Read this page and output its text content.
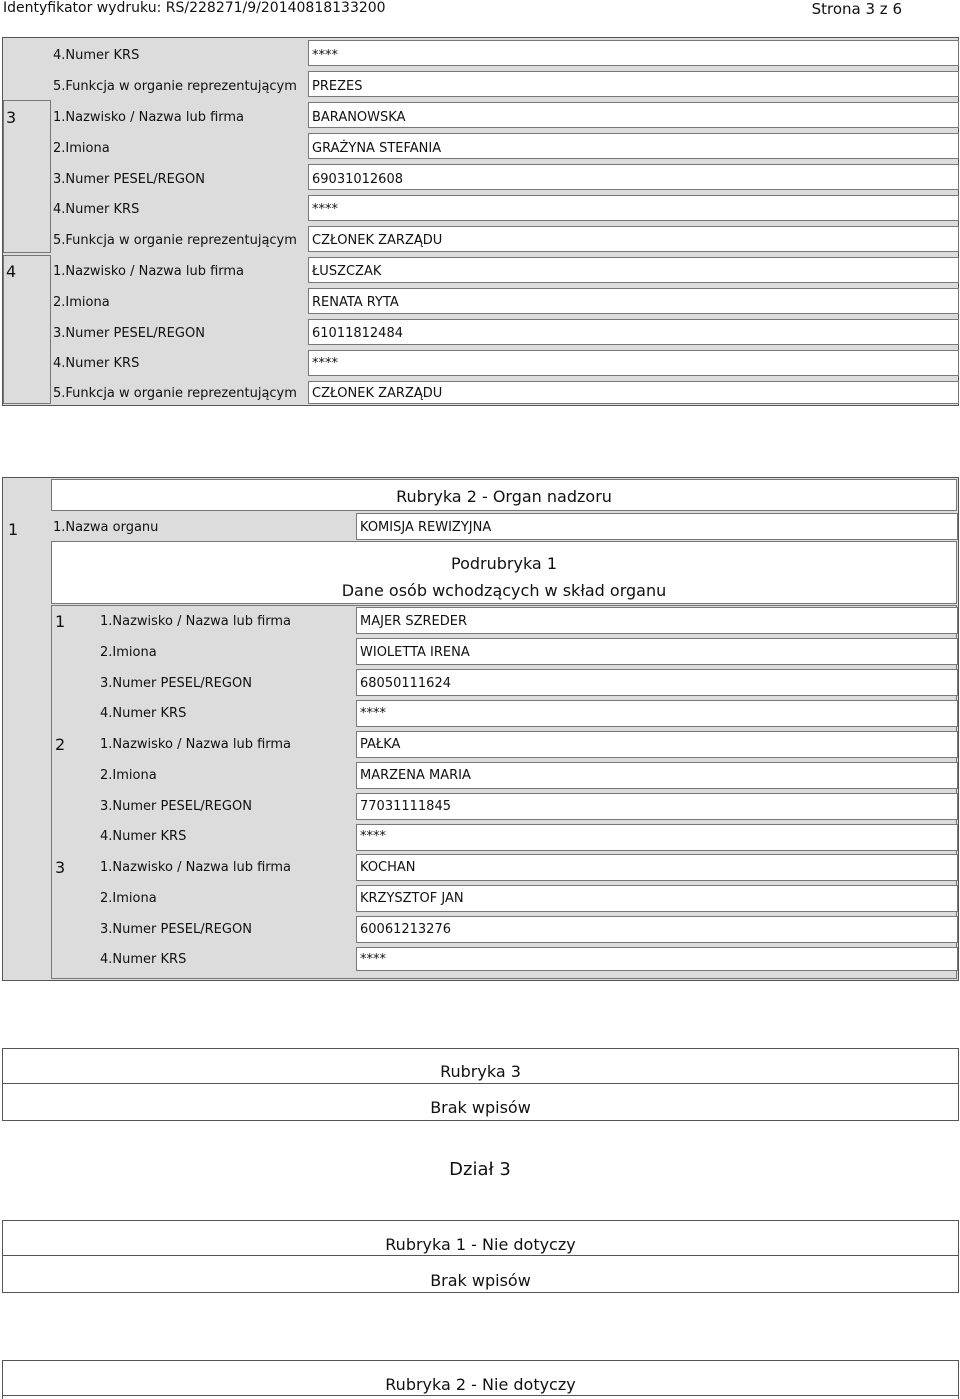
Identyfikator wydruku: RS/228271/9/20140818133200	Strona 3 z 6
4.Numer KRS	****
5.Funkcja w organie reprezentującym PREZES
3	1.Nazwisko / Nazwa lub firma	BARANOWSKA
2.Imiona	GRAŻYNA STEFANIA
3.Numer PESEL/REGON	69031012608
4.Numer KRS	****
5.Funkcja w organie reprezentującym CZŁONEK ZARZĄDU
4	1.Nazwisko / Nazwa lub firma	ŁUSZCZAK
2.Imiona	RENATA RYTA
3.Numer PESEL/REGON	61011812484
4.Numer KRS	****
5.Funkcja w organie reprezentującym CZŁONEK ZARZĄDU
Rubryka 2 - Organ nadzoru
1	1.Nazwa organu	KOMISJA REWIZYJNA
Podrubryka 1
Dane osób wchodzących w skład organu
1	1.Nazwisko / Nazwa lub firma	MAJER SZREDER
2.Imiona	WIOLETTA IRENA
3.Numer PESEL/REGON	68050111624
4.Numer KRS	****
2	1.Nazwisko / Nazwa lub firma	PAŁKA
2.Imiona	MARZENA MARIA
3.Numer PESEL/REGON	77031111845
4.Numer KRS	****
3	1.Nazwisko / Nazwa lub firma	KOCHAN
2.Imiona	KRZYSZTOF JAN
3.Numer PESEL/REGON	60061213276
4.Numer KRS	****
Rubryka 3
Brak wpisów
Dział 3
Rubryka 1 - Nie dotyczy
Brak wpisów
Rubryka 2 - Nie dotyczy
